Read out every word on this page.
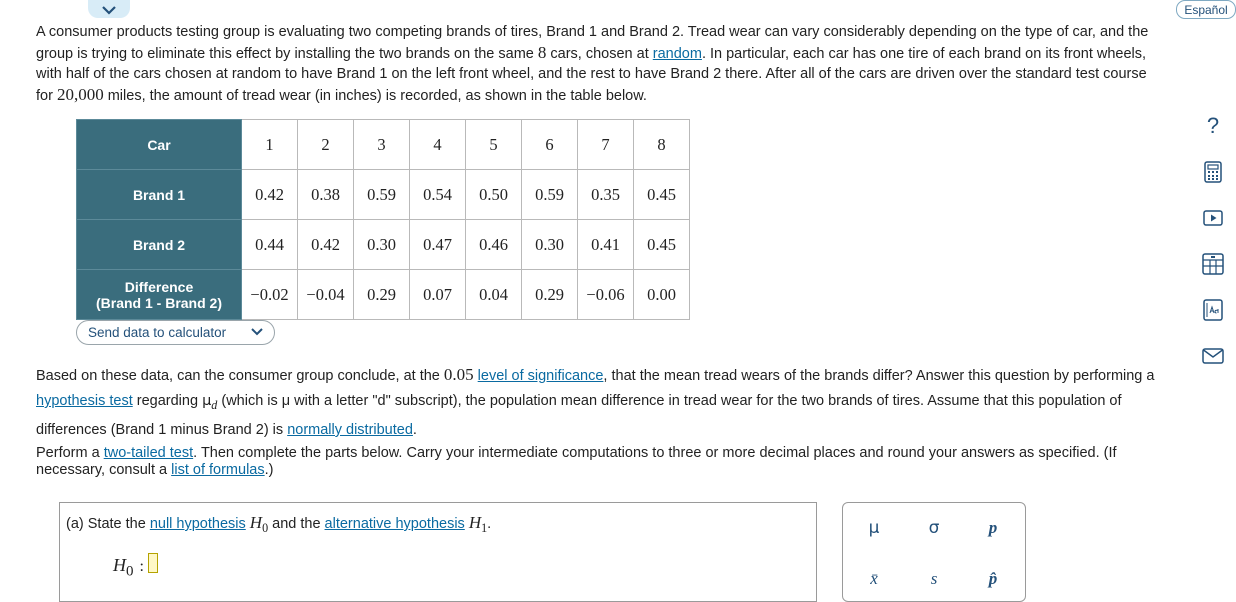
Español

A consumer products testing group is evaluating two competing brands of tires, Brand 1 and Brand 2. Tread wear can vary considerably depending on the type of car, and the group is trying to eliminate this effect by installing the two brands on the same 8 cars, chosen at random. In particular, each car has one tire of each brand on its front wheels, with half of the cars chosen at random to have Brand 1 on the left front wheel, and the rest to have Brand 2 there. After all of the cars are driven over the standard test course for 20,000 miles, the amount of tread wear (in inches) is recorded, as shown in the table below.

Car	1	2	3	4	5	6	7	8
Brand 1	0.42	0.38	0.59	0.54	0.50	0.59	0.35	0.45
Brand 2	0.44	0.42	0.30	0.47	0.46	0.30	0.41	0.45

Difference
(Brand 1 - Brand 2)	−0.02	−0.04	0.29	0.07	0.04	0.29	−0.06	0.00
Send data to calculator

Based on these data, can the consumer group conclude, at the 0.05 level of significance, that the mean tread wears of the brands differ? Answer this question by performing a hypothesis test regarding $\mu_d$ (which is μ with a letter "d" subscript), the population mean difference in tread wear for the two brands of tires. Assume that this population of differences (Brand 1 minus Brand 2) is normally distributed.

Perform a two-tailed test. Then complete the parts below. Carry your intermediate computations to three or more decimal places and round your answers as specified. (If necessary, consult a list of formulas.)

(a) State the null hypothesis $H_0$ and the alternative hypothesis $H_1$.
$H_0$ :
μ	σ	p
x̄	s	p̂
?
